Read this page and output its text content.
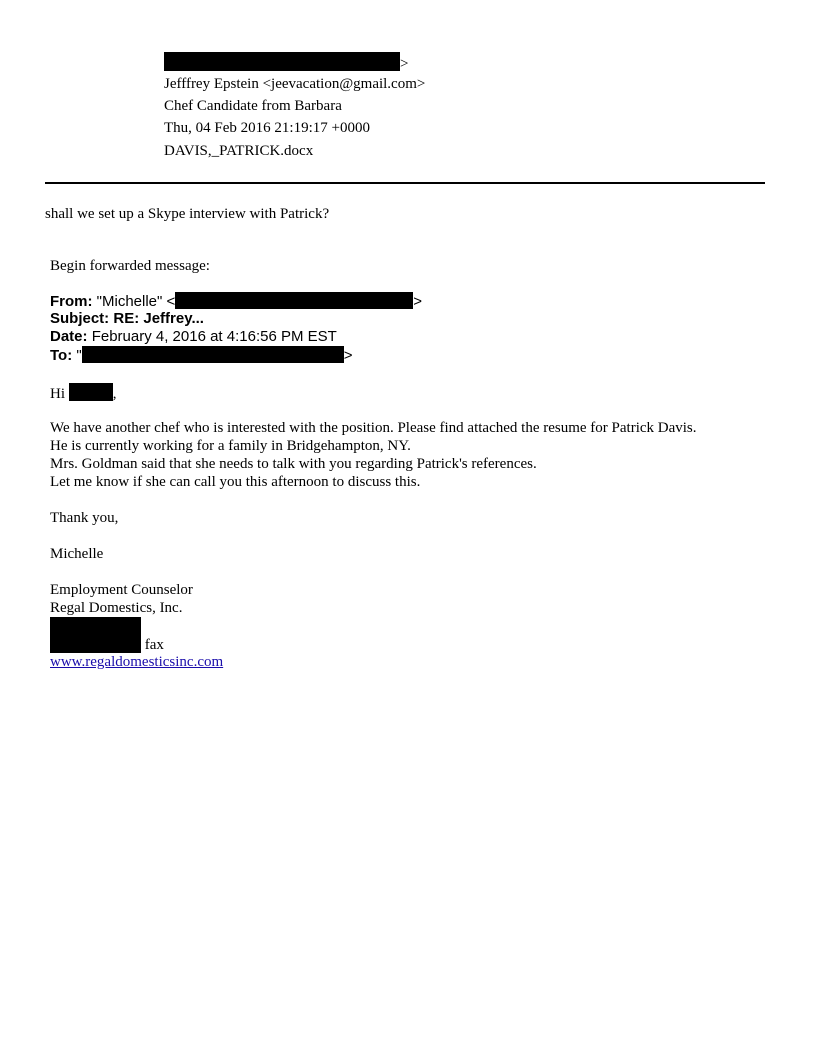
>
Jefffrey Epstein <jeevacation@gmail.com>
Chef Candidate from Barbara
Thu, 04 Feb 2016 21:19:17 +0000
DAVIS,_PATRICK.docx
shall we set up a Skype interview with Patrick?
Begin forwarded message:
From: "Michelle" <	>
Subject: RE: Jeffrey...
Date: February 4, 2016 at 4:16:56 PM EST
To: "	>
Hi	,
We have another chef who is interested with the position. Please find attached the resume for Patrick Davis.
He is currently working for a family in Bridgehampton, NY.
Mrs. Goldman said that she needs to talk with you regarding Patrick's references.
Let me know if she can call you this afternoon to discuss this.
Thank you,
Michelle
Employment Counselor
Regal Domestics, Inc.
fax
www.regaldomesticsinc.com
